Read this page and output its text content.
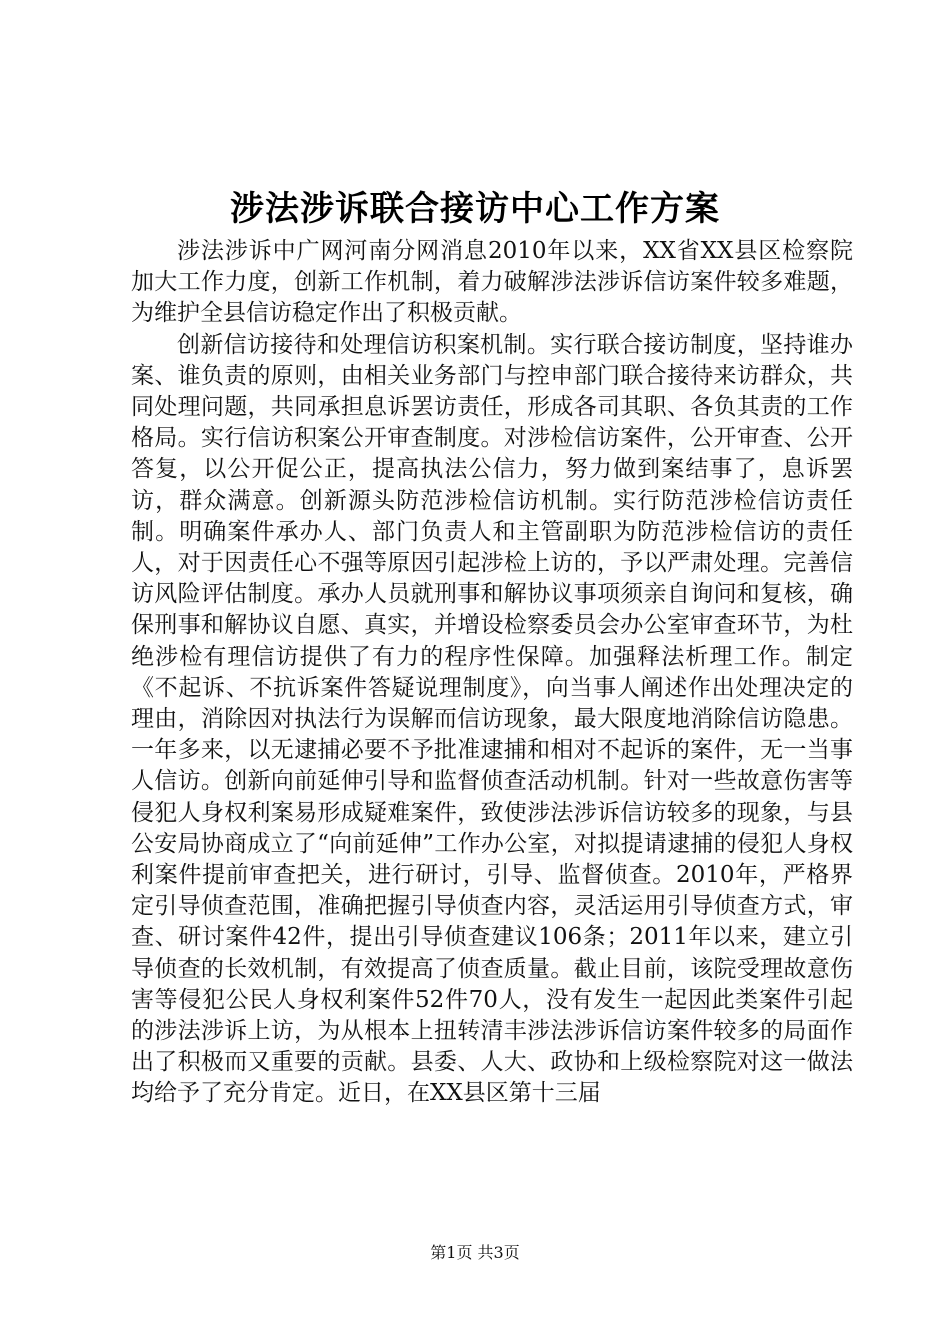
涉法涉诉联合接访中心工作方案

涉法涉诉中广网河南分网消息2010年以来，XX省XX县区检察院加大工作力度，创新工作机制，着力破解涉法涉诉信访案件较多难题，为维护全县信访稳定作出了积极贡献。

创新信访接待和处理信访积案机制。实行联合接访制度，坚持谁办案、谁负责的原则，由相关业务部门与控申部门联合接待来访群众，共同处理问题，共同承担息诉罢访责任，形成各司其职、各负其责的工作格局。实行信访积案公开审查制度。对涉检信访案件，公开审查、公开答复，以公开促公正，提高执法公信力，努力做到案结事了，息诉罢访，群众满意。创新源头防范涉检信访机制。实行防范涉检信访责任制。明确案件承办人、部门负责人和主管副职为防范涉检信访的责任人，对于因责任心不强等原因引起涉检上访的，予以严肃处理。完善信访风险评估制度。承办人员就刑事和解协议事项须亲自询问和复核，确保刑事和解协议自愿、真实，并增设检察委员会办公室审查环节，为杜绝涉检有理信访提供了有力的程序性保障。加强释法析理工作。制定《不起诉、不抗诉案件答疑说理制度》，向当事人阐述作出处理决定的理由，消除因对执法行为误解而信访现象，最大限度地消除信访隐患。一年多来，以无逮捕必要不予批准逮捕和相对不起诉的案件，无一当事人信访。创新向前延伸引导和监督侦查活动机制。针对一些故意伤害等侵犯人身权利案易形成疑难案件，致使涉法涉诉信访较多的现象，与县公安局协商成立了“向前延伸”工作办公室，对拟提请逮捕的侵犯人身权利案件提前审查把关，进行研讨，引导、监督侦查。2010年，严格界定引导侦查范围，准确把握引导侦查内容，灵活运用引导侦查方式，审查、研讨案件42件，提出引导侦查建议106条；2011年以来，建立引导侦查的长效机制，有效提高了侦查质量。截止目前，该院受理故意伤害等侵犯公民人身权利案件52件70人，没有发生一起因此类案件引起的涉法涉诉上访，为从根本上扭转清丰涉法涉诉信访案件较多的局面作出了积极而又重要的贡献。县委、人大、政协和上级检察院对这一做法均给予了充分肯定。近日，在XX县区第十三届

第1页 共3页
